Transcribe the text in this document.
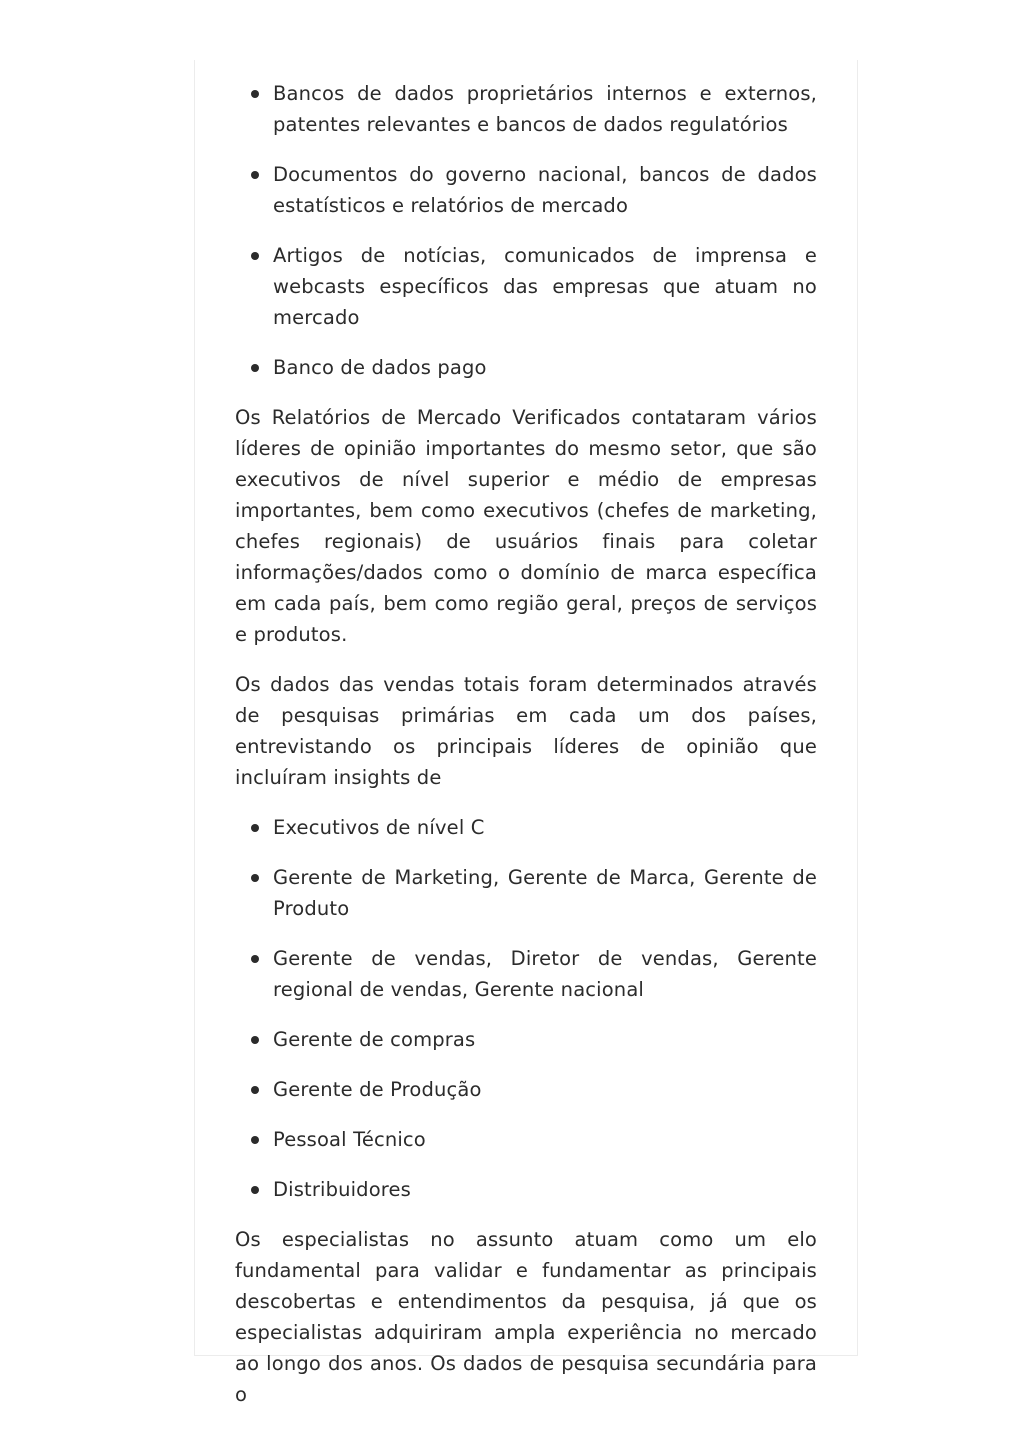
Bancos de dados proprietários internos e externos, patentes relevantes e bancos de dados regulatórios
Documentos do governo nacional, bancos de dados estatísticos e relatórios de mercado
Artigos de notícias, comunicados de imprensa e webcasts específicos das empresas que atuam no mercado
Banco de dados pago

Os Relatórios de Mercado Verificados contataram vários líderes de opinião importantes do mesmo setor, que são executivos de nível superior e médio de empresas importantes, bem como executivos (chefes de marketing, chefes regionais) de usuários finais para coletar informações/dados como o domínio de marca específica em cada país, bem como região geral, preços de serviços e produtos.

Os dados das vendas totais foram determinados através de pesquisas primárias em cada um dos países, entrevistando os principais líderes de opinião que incluíram insights de

Executivos de nível C
Gerente de Marketing, Gerente de Marca, Gerente de Produto
Gerente de vendas, Diretor de vendas, Gerente regional de vendas, Gerente nacional
Gerente de compras
Gerente de Produção
Pessoal Técnico
Distribuidores

Os especialistas no assunto atuam como um elo fundamental para validar e fundamentar as principais descobertas e entendimentos da pesquisa, já que os especialistas adquiriram ampla experiência no mercado ao longo dos anos. Os dados de pesquisa secundária para o
